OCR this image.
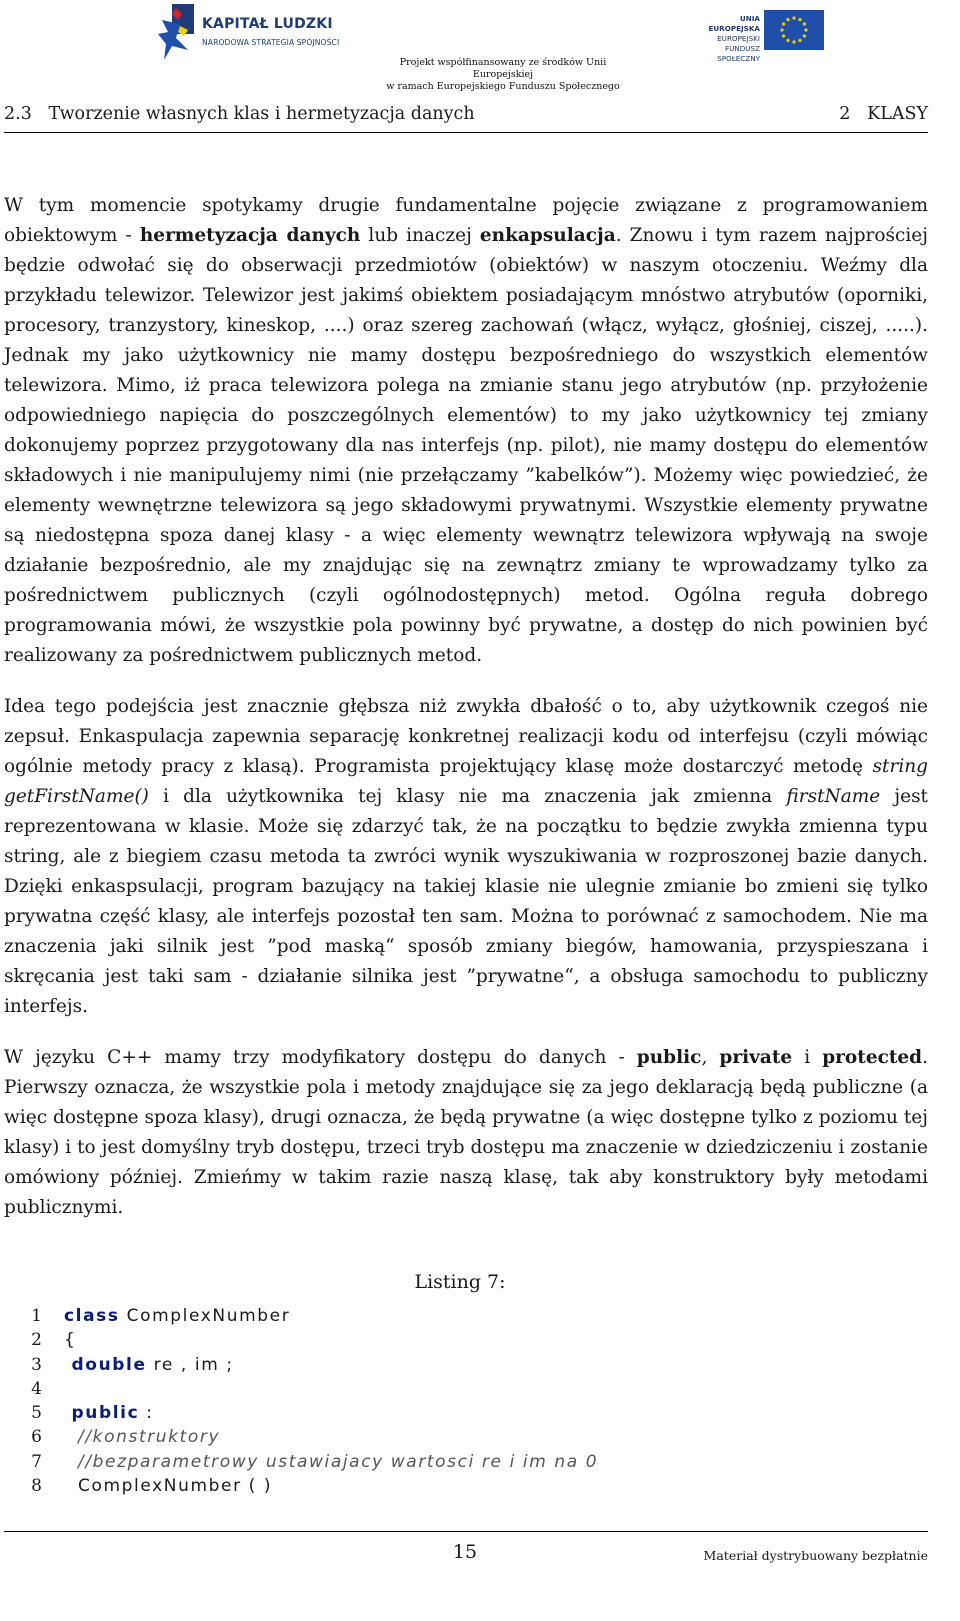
KAPITAŁ LUDZKI
NARODOWA STRATEGIA SPÓJNOŚCI
UNIA EUROPEJSKA
EUROPEJSKI
FUNDUSZ SPOŁECZNY
Projekt współfinansowany ze środków Unii Europejskiej
w ramach Europejskiego Funduszu Społecznego
2.3   Tworzenie własnych klas i hermetyzacja danych	2   KLASY

W tym momencie spotykamy drugie fundamentalne pojęcie związane z programowaniem obiektowym - hermetyzacja danych lub inaczej enkapsulacja. Znowu i tym razem najprościej będzie odwołać się do obserwacji przedmiotów (obiektów) w naszym otoczeniu. Weźmy dla przykładu telewizor. Telewizor jest jakimś obiektem posiadającym mnóstwo atrybutów (oporniki, procesory, tranzystory, kineskop, ....) oraz szereg zachowań (włącz, wyłącz, głośniej, ciszej, .....). Jednak my jako użytkownicy nie mamy dostępu bezpośredniego do wszystkich elementów telewizora. Mimo, iż praca telewizora polega na zmianie stanu jego atrybutów (np. przyłożenie odpowiedniego napięcia do poszczególnych elementów) to my jako użytkownicy tej zmiany dokonujemy poprzez przygotowany dla nas interfejs (np. pilot), nie mamy dostępu do elementów składowych i nie manipulujemy nimi (nie przełączamy ”kabelków”). Możemy więc powiedzieć, że elementy wewnętrzne telewizora są jego składowymi prywatnymi. Wszystkie elementy prywatne są niedostępna spoza danej klasy - a więc elementy wewnątrz telewizora wpływają na swoje działanie bezpośrednio, ale my znajdując się na zewnątrz zmiany te wprowadzamy tylko za pośrednictwem publicznych (czyli ogólnodostępnych) metod. Ogólna reguła dobrego programowania mówi, że wszystkie pola powinny być prywatne, a dostęp do nich powinien być realizowany za pośrednictwem publicznych metod.

Idea tego podejścia jest znacznie głębsza niż zwykła dbałość o to, aby użytkownik czegoś nie zepsuł. Enkaspulacja zapewnia separację konkretnej realizacji kodu od interfejsu (czyli mówiąc ogólnie metody pracy z klasą). Programista projektujący klasę może dostarczyć metodę string getFirstName() i dla użytkownika tej klasy nie ma znaczenia jak zmienna firstName jest reprezentowana w klasie. Może się zdarzyć tak, że na początku to będzie zwykła zmienna typu string, ale z biegiem czasu metoda ta zwróci wynik wyszukiwania w rozproszonej bazie danych. Dzięki enkaspsulacji, program bazujący na takiej klasie nie ulegnie zmianie bo zmieni się tylko prywatna część klasy, ale interfejs pozostał ten sam. Można to porównać z samochodem. Nie ma znaczenia jaki silnik jest ”pod maską“ sposób zmiany biegów, hamowania, przyspieszana i skręcania jest taki sam - działanie silnika jest ”prywatne“, a obsługa samochodu to publiczny interfejs.

W języku C++ mamy trzy modyfikatory dostępu do danych - public, private i protected. Pierwszy oznacza, że wszystkie pola i metody znajdujące się za jego deklaracją będą publiczne (a więc dostępne spoza klasy), drugi oznacza, że będą prywatne (a więc dostępne tylko z poziomu tej klasy) i to jest domyślny tryb dostępu, trzeci tryb dostępu ma znaczenie w dziedziczeniu i zostanie omówiony później. Zmieńmy w takim razie naszą klasę, tak aby konstruktory były metodami publicznymi.

Listing 7:
1 class ComplexNumber
2 {
3 double re , im ;
4
5 public :
6 //konstruktory
7 //bezparametrowy ustawiajacy wartosci re i im na 0
8 ComplexNumber ( )
15	Materiał dystrybuowany bezpłatnie
